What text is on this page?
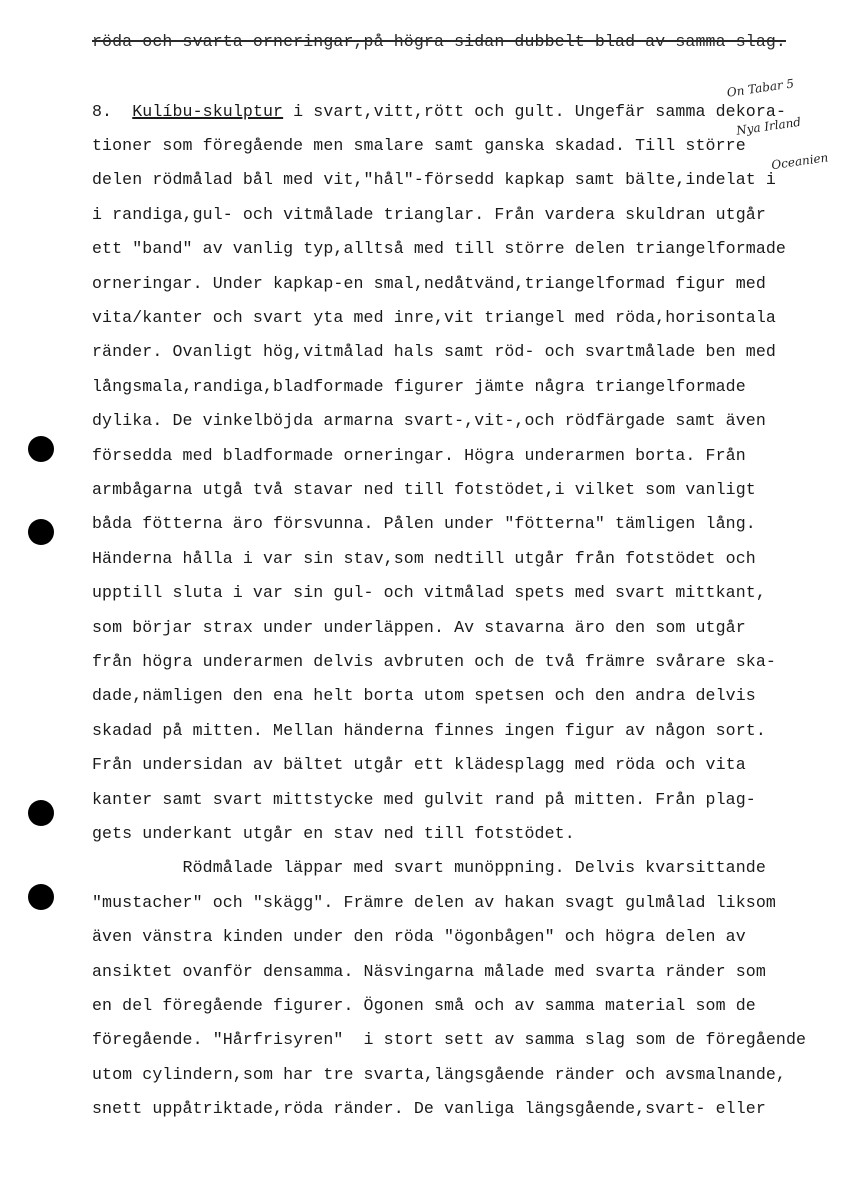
röda och svarta orneringar,på högra sidan dubbelt blad av samma slag.

On Tabar 5

Nya Irland

Oceanien

8. Kulíbu-skulptur i svart,vitt,rött och gult. Ungefär samma dekora-
tioner som föregående men smalare samt ganska skadad. Till större
delen rödmålad bål med vit,"hål"-försedd kapkap samt bälte,indelat i
i randiga,gul- och vitmålade trianglar. Från vardera skuldran utgår
ett "band" av vanlig typ,alltså med till större delen triangelformade
orneringar. Under kapkap-en smal,nedåtvänd,triangelformad figur med
vita/kanter och svart yta med inre,vit triangel med röda,horisontala
ränder. Ovanligt hög,vitmålad hals samt röd- och svartmålade ben med
långsmala,randiga,bladformade figurer jämte några triangelformade
dylika. De vinkelböjda armarna svart-,vit-,och rödfärgade samt även
försedda med bladformade orneringar. Högra underarmen borta. Från
armbågarna utgå två stavar ned till fotstödet,i vilket som vanligt
båda fötterna äro försvunna. Pålen under "fötterna" tämligen lång.
Händerna hålla i var sin stav,som nedtill utgår från fotstödet och
upptill sluta i var sin gul- och vitmålad spets med svart mittkant,
som börjar strax under underläppen. Av stavarna äro den som utgår
från högra underarmen delvis avbruten och de två främre svårare ska-
dade,nämligen den ena helt borta utom spetsen och den andra delvis
skadad på mitten. Mellan händerna finnes ingen figur av någon sort.
Från undersidan av bältet utgår ett klädesplagg med röda och vita
kanter samt svart mittstycke med gulvit rand på mitten. Från plag-
gets underkant utgår en stav ned till fotstödet.
Rödmålade läppar med svart munöppning. Delvis kvarsittande
"mustacher" och "skägg". Främre delen av hakan svagt gulmålad liksom
även vänstra kinden under den röda "ögonbågen" och högra delen av
ansiktet ovanför densamma. Näsvingarna målade med svarta ränder som
en del föregående figurer. Ögonen små och av samma material som de
föregående. "Hårfrisyren"  i stort sett av samma slag som de föregående
utom cylindern,som har tre svarta,längsgående ränder och avsmalnande,
snett uppåtriktade,röda ränder. De vanliga längsgående,svart- eller
